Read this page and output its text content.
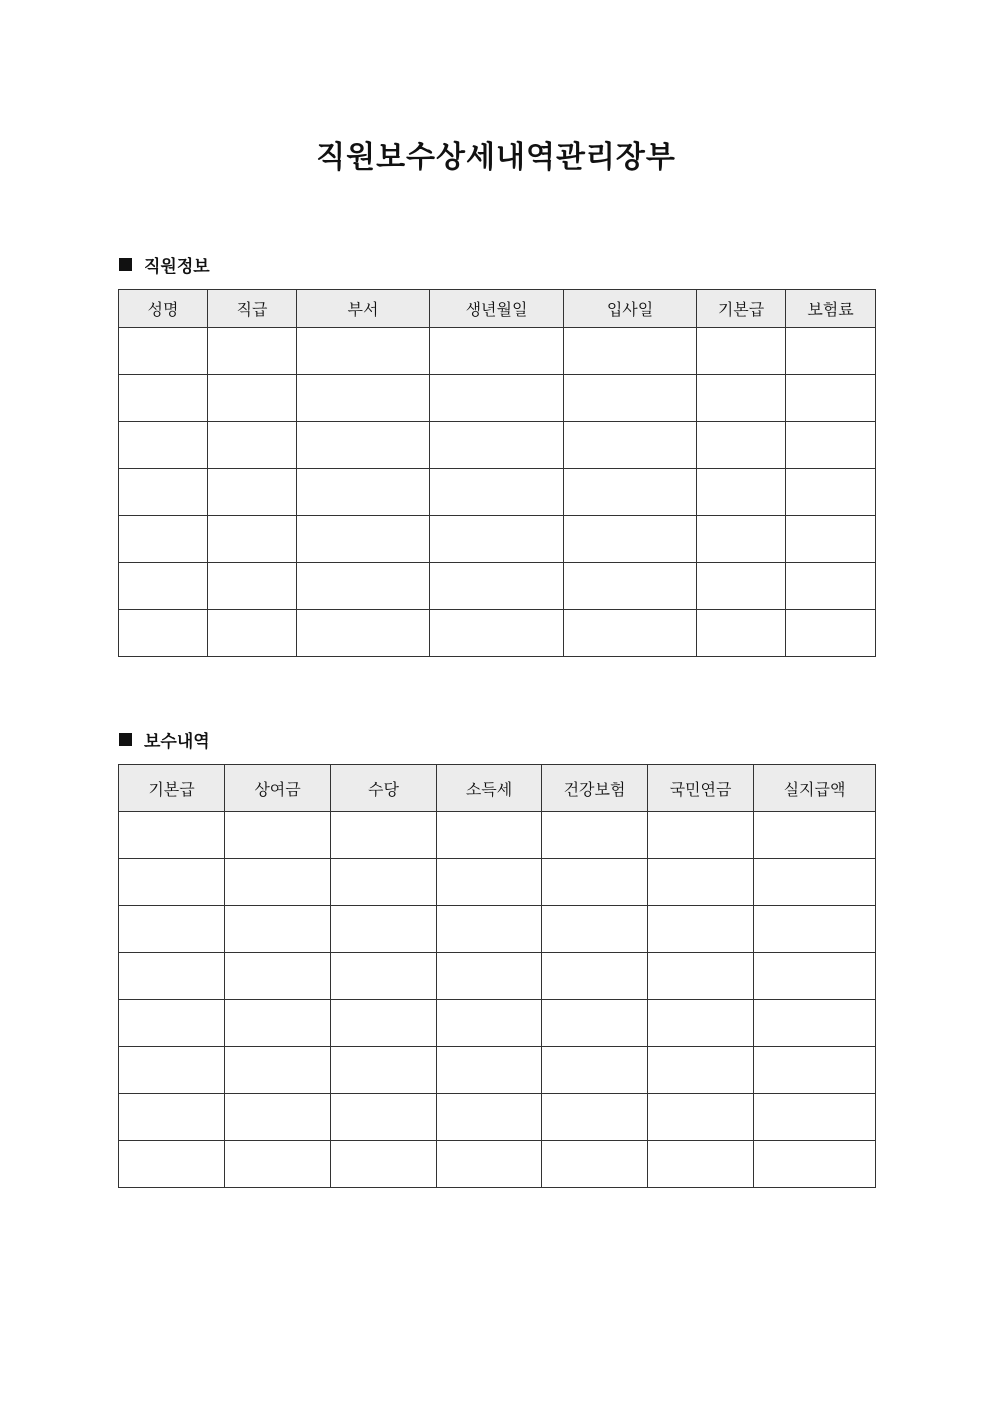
직원보수상세내역관리장부
직원정보
성명	직급	부서	생년월일	입사일	기본급	보험료

보수내역
기본급	상여금	수당	소득세	건강보험	국민연금	실지급액
